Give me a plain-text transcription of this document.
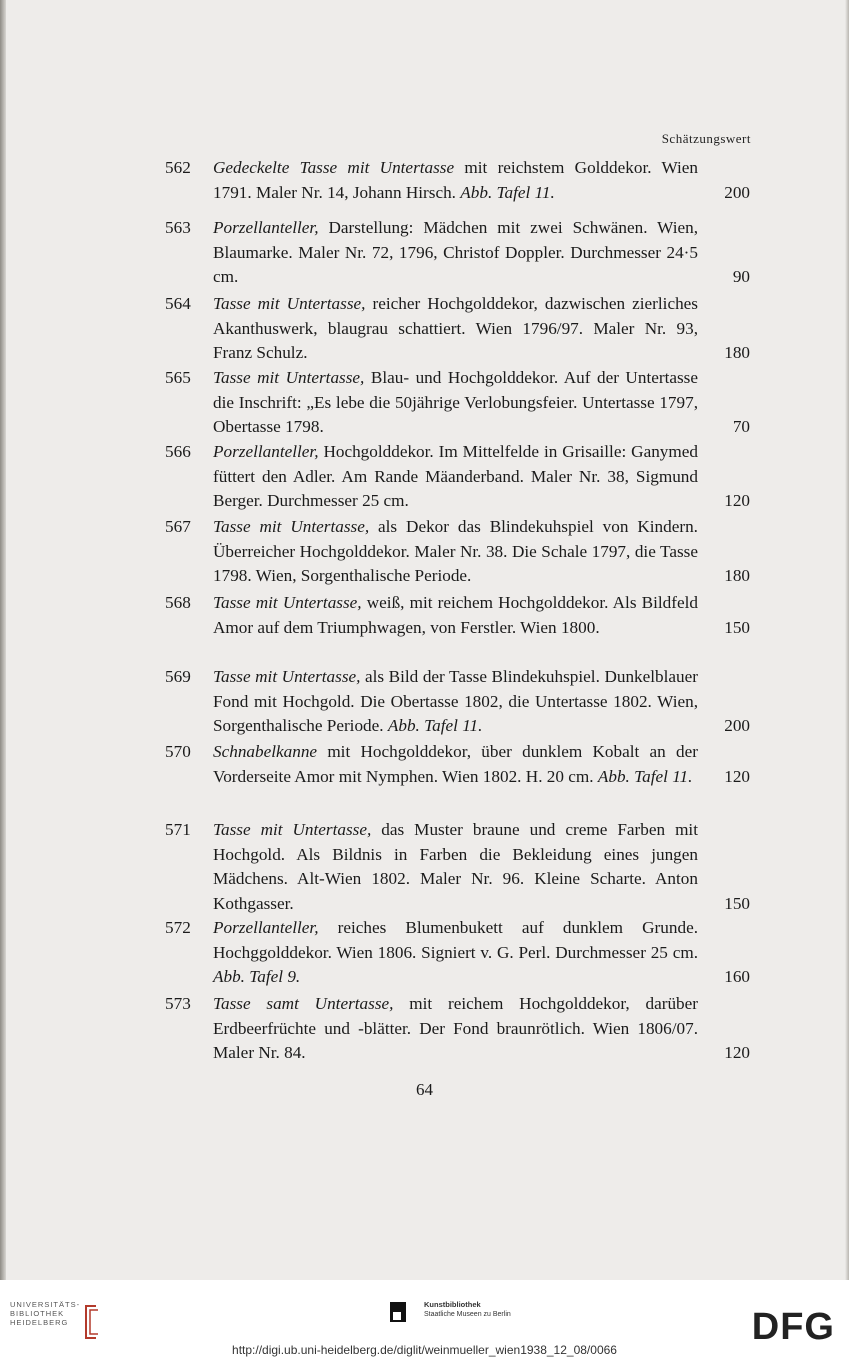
Schätzungswert
562 Gedeckelte Tasse mit Untertasse mit reichstem Golddekor. Wien 1791. Maler Nr. 14, Johann Hirsch. Abb. Tafel 11.	200
563 Porzellanteller, Darstellung: Mädchen mit zwei Schwänen. Wien, Blaumarke. Maler Nr. 72, 1796, Christof Doppler. Durchmesser 24·5 cm.	90
564 Tasse mit Untertasse, reicher Hochgolddekor, dazwischen zierliches Akanthuswerk, blaugrau schattiert. Wien 1796/97. Maler Nr. 93, Franz Schulz.	180
565 Tasse mit Untertasse, Blau- und Hochgolddekor. Auf der Untertasse die Inschrift: „Es lebe die 50jährige Verlobungsfeier. Untertasse 1797, Obertasse 1798.	70
566 Porzellanteller, Hochgolddekor. Im Mittelfelde in Grisaille: Ganymed füttert den Adler. Am Rande Mäanderband. Maler Nr. 38, Sigmund Berger. Durchmesser 25 cm.	120
567 Tasse mit Untertasse, als Dekor das Blindekuhspiel von Kindern. Überreicher Hochgolddekor. Maler Nr. 38. Die Schale 1797, die Tasse 1798. Wien, Sorgenthalische Periode.	180
568 Tasse mit Untertasse, weiß, mit reichem Hochgolddekor. Als Bildfeld Amor auf dem Triumphwagen, von Ferstler. Wien 1800.	150
569 Tasse mit Untertasse, als Bild der Tasse Blindekuhspiel. Dunkelblauer Fond mit Hochgold. Die Obertasse 1802, die Untertasse 1802. Wien, Sorgenthalische Periode. Abb. Tafel 11.	200
570 Schnabelkanne mit Hochgolddekor, über dunklem Kobalt an der Vorderseite Amor mit Nymphen. Wien 1802. H. 20 cm. Abb. Tafel 11.	120
571 Tasse mit Untertasse, das Muster braune und creme Farben mit Hochgold. Als Bildnis in Farben die Bekleidung eines jungen Mädchens. Alt-Wien 1802. Maler Nr. 96. Kleine Scharte. Anton Kothgasser.	150
572 Porzellanteller, reiches Blumenbukett auf dunklem Grunde. Hochggolddekor. Wien 1806. Signiert v. G. Perl. Durchmesser 25 cm. Abb. Tafel 9.	160
573 Tasse samt Untertasse, mit reichem Hochgolddekor, darüber Erdbeerfrüchte und -blätter. Der Fond braunrötlich. Wien 1806/07. Maler Nr. 84.	120
64
UNIVERSITÄTS-
BIBLIOTHEK
HEIDELBERG
Kunstbibliothek
Staatliche Museen zu Berlin	DFG
http://digi.ub.uni-heidelberg.de/diglit/weinmueller_wien1938_12_08/0066
